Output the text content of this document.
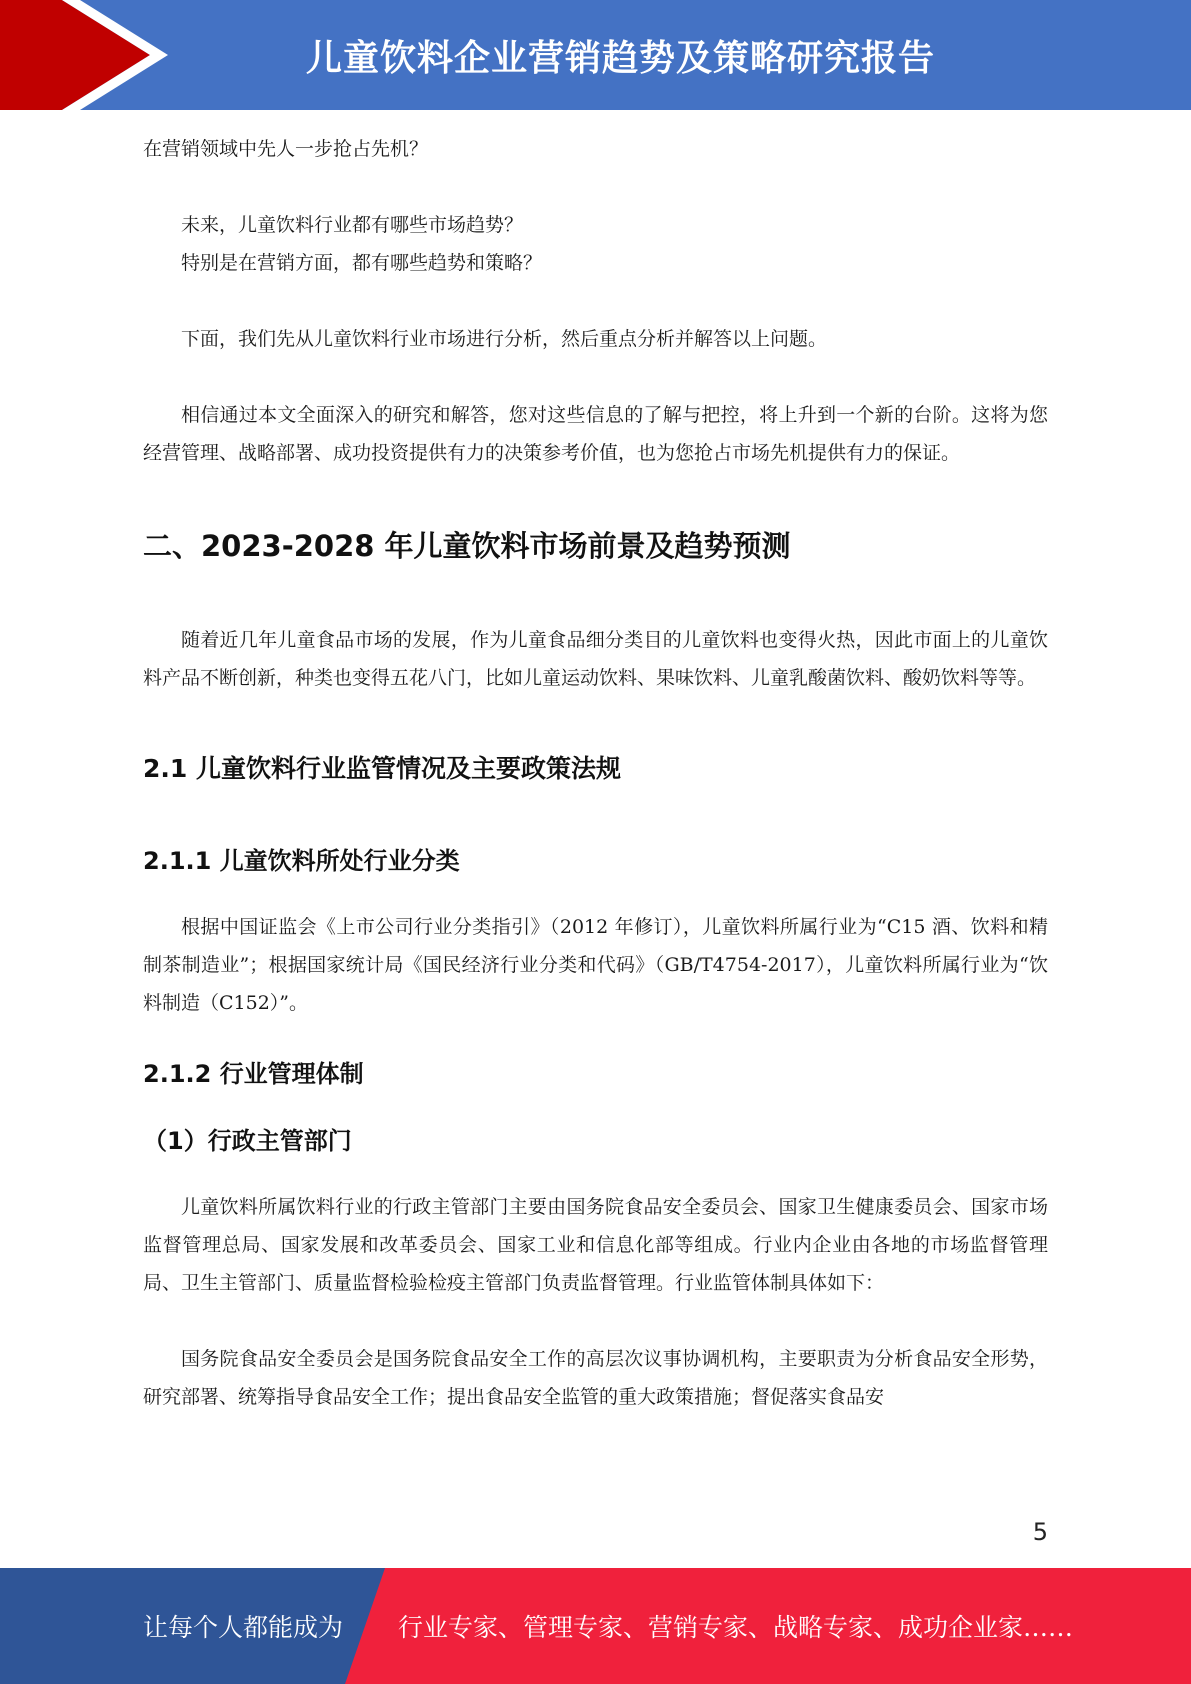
儿童饮料企业营销趋势及策略研究报告

在营销领域中先人一步抢占先机？

未来，儿童饮料行业都有哪些市场趋势？

特别是在营销方面，都有哪些趋势和策略？

下面，我们先从儿童饮料行业市场进行分析，然后重点分析并解答以上问题。

相信通过本文全面深入的研究和解答，您对这些信息的了解与把控，将上升到一个新的台阶。这将为您经营管理、战略部署、成功投资提供有力的决策参考价值，也为您抢占市场先机提供有力的保证。

二、2023-2028 年儿童饮料市场前景及趋势预测

随着近几年儿童食品市场的发展，作为儿童食品细分类目的儿童饮料也变得火热，因此市面上的儿童饮料产品不断创新，种类也变得五花八门，比如儿童运动饮料、果味饮料、儿童乳酸菌饮料、酸奶饮料等等。

2.1 儿童饮料行业监管情况及主要政策法规
2.1.1 儿童饮料所处行业分类

根据中国证监会《上市公司行业分类指引》（2012 年修订），儿童饮料所属行业为“C15 酒、饮料和精制茶制造业”；根据国家统计局《国民经济行业分类和代码》（GB/T4754-2017），儿童饮料所属行业为“饮料制造（C152）”。

2.1.2 行业管理体制
（1）行政主管部门

儿童饮料所属饮料行业的行政主管部门主要由国务院食品安全委员会、国家卫生健康委员会、国家市场监督管理总局、国家发展和改革委员会、国家工业和信息化部等组成。行业内企业由各地的市场监督管理局、卫生主管部门、质量监督检验检疫主管部门负责监督管理。行业监管体制具体如下：

国务院食品安全委员会是国务院食品安全工作的高层次议事协调机构，主要职责为分析食品安全形势，研究部署、统筹指导食品安全工作；提出食品安全监管的重大政策措施；督促落实食品安

5
让每个人都能成为 行业专家、管理专家、营销专家、战略专家、成功企业家……
